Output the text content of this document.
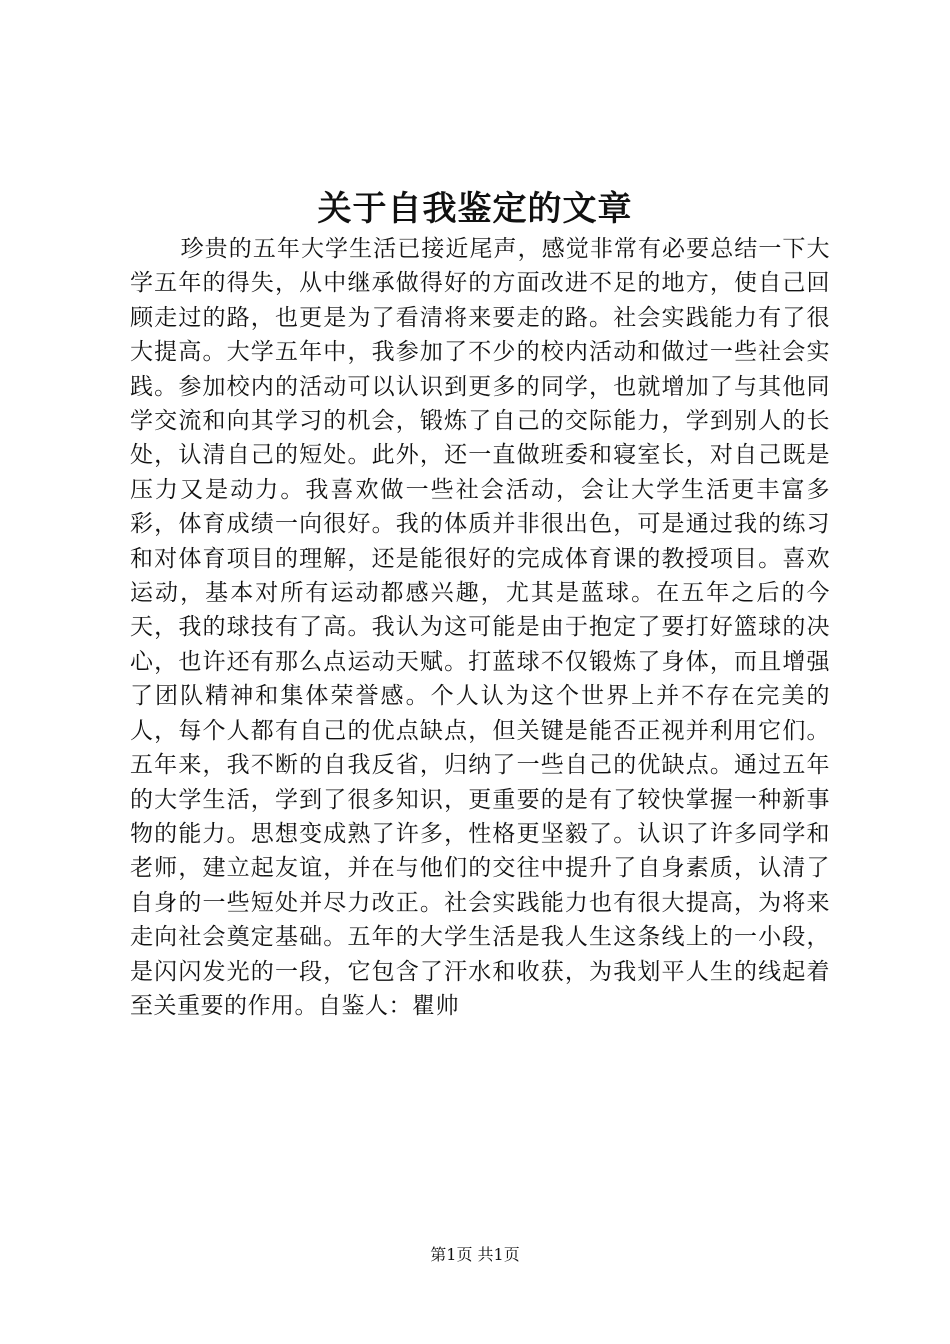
关于自我鉴定的文章

珍贵的五年大学生活已接近尾声，感觉非常有必要总结一下大学五年的得失，从中继承做得好的方面改进不足的地方，使自己回顾走过的路，也更是为了看清将来要走的路。社会实践能力有了很大提高。大学五年中，我参加了不少的校内活动和做过一些社会实践。参加校内的活动可以认识到更多的同学，也就增加了与其他同学交流和向其学习的机会，锻炼了自己的交际能力，学到别人的长处，认清自己的短处。此外，还一直做班委和寝室长，对自己既是压力又是动力。我喜欢做一些社会活动，会让大学生活更丰富多彩，体育成绩一向很好。我的体质并非很出色，可是通过我的练习和对体育项目的理解，还是能很好的完成体育课的教授项目。喜欢运动，基本对所有运动都感兴趣，尤其是蓝球。在五年之后的今天，我的球技有了高。我认为这可能是由于抱定了要打好篮球的决心，也许还有那么点运动天赋。打蓝球不仅锻炼了身体，而且增强了团队精神和集体荣誉感。个人认为这个世界上并不存在完美的人，每个人都有自己的优点缺点，但关键是能否正视并利用它们。五年来，我不断的自我反省，归纳了一些自己的优缺点。通过五年的大学生活，学到了很多知识，更重要的是有了较快掌握一种新事物的能力。思想变成熟了许多，性格更坚毅了。认识了许多同学和老师，建立起友谊，并在与他们的交往中提升了自身素质，认清了自身的一些短处并尽力改正。社会实践能力也有很大提高，为将来走向社会奠定基础。五年的大学生活是我人生这条线上的一小段，是闪闪发光的一段，它包含了汗水和收获，为我划平人生的线起着至关重要的作用。自鉴人：瞿帅

第1页 共1页
